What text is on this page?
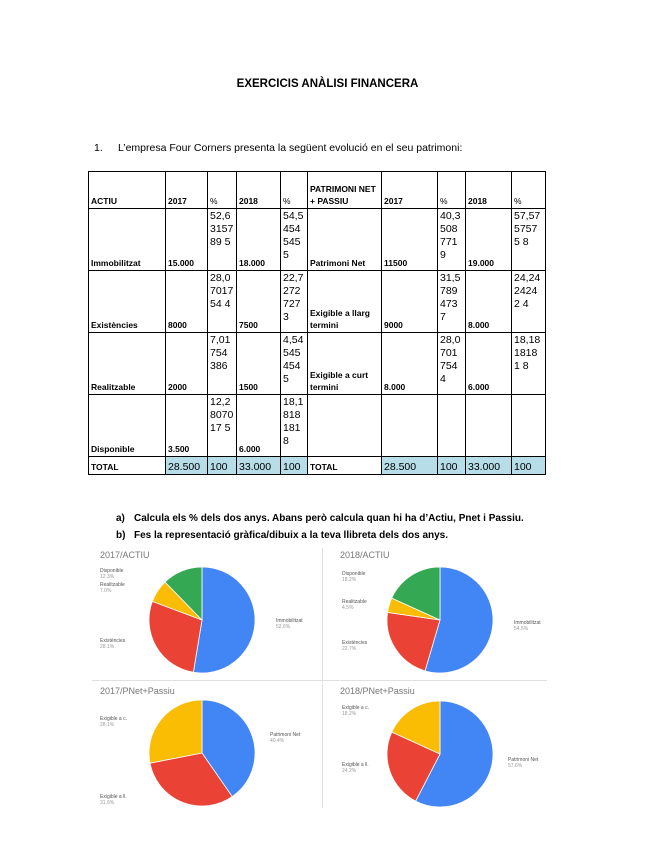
EXERCICIS ANÀLISI FINANCERA
1. L’empresa Four Corners presenta la següent evolució en el seu patrimoni:
ACTIU	2017	%	2018	%	PATRIMONI NET + PASSIU	2017	%	2018	%
Immobilitzat	15.000	52,6315789 5	18.000	54,5454545 5	Patrimoni Net	11500	40,3508771 9	19.000	57,5757575 8
Existències	8000	28,0701754 4	7500	22,7272727 3	Exigible a llarg termini	9000	31,5789473 7	8.000	24,2424242 4
Realitzable	2000	7,01754 386	1500	4,54545454 5	Exigible a curt termini	8.000	28,0701754 4	6.000	18,1818181 8
Disponible	3.500	12,2807017 5	6.000	18,1818181 8					
TOTAL	28.500	100	33.000	100	TOTAL	28.500	100	33.000	100
a) Calcula els % dels dos anys. Abans però calcula quan hi ha d’Actiu, Pnet i Passiu.
b) Fes la representació gràfica/dibuix a la teva llibreta dels dos anys.
2017/ACTIU
Disponible
12.3%
Realitzable
7.0%
Existències
28.1%
Immobilitzat
52.6%
2018/ACTIU
Disponible
18.2%
Realitzable
4.5%
Existències
22.7%
Immobilitzat
54.5%
2017/PNet+Passiu
Exigible a c.
28.1%
Exigible a ll.
31.6%
Patrimoni Net
40.4%
2018/PNet+Passiu
Exigible a c.
18.2%
Exigible a ll.
24.2%
Patrimoni Net
57.6%
